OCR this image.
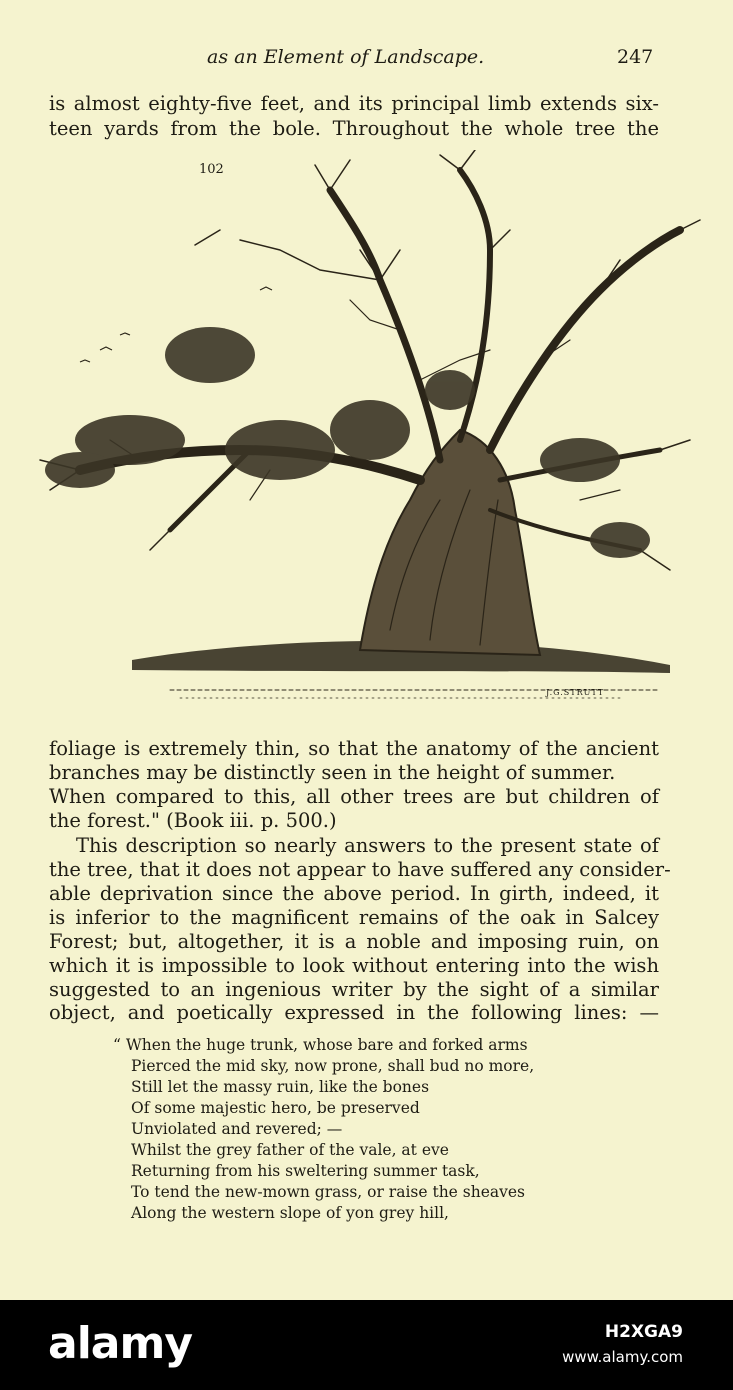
as an Element of Landscape.	247
is almost eighty-five feet, and its principal limb extends six-
teen yards from the bole. Throughout the whole tree the
102
J.G.STRUTT
foliage is extremely thin, so that the anatomy of the ancient
branches may be distinctly seen in the height of summer.
When compared to this, all other trees are but children of
the forest." (Book iii. p. 500.)
This description so nearly answers to the present state of
the tree, that it does not appear to have suffered any consider-
able deprivation since the above period. In girth, indeed, it
is inferior to the magnificent remains of the oak in Salcey
Forest; but, altogether, it is a noble and imposing ruin, on
which it is impossible to look without entering into the wish
suggested to an ingenious writer by the sight of a similar
object, and poetically expressed in the following lines: —
“ When the huge trunk, whose bare and forked arms
Pierced the mid sky, now prone, shall bud no more,
Still let the massy ruin, like the bones
Of some majestic hero, be preserved
Unviolated and revered; —
Whilst the grey father of the vale, at eve
Returning from his sweltering summer task,
To tend the new-mown grass, or raise the sheaves
Along the western slope of yon grey hill,
alamy	H2XGA9
www.alamy.com
